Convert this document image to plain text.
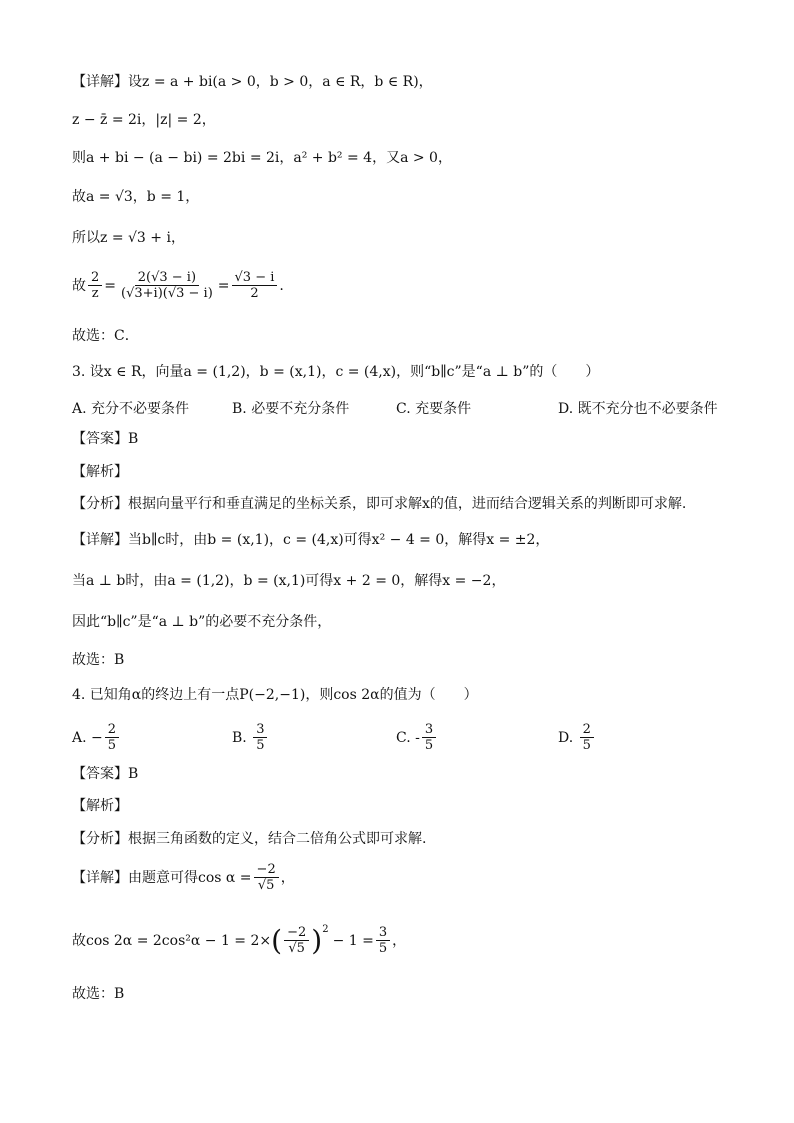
【详解】设z = a + bi(a > 0，b > 0，a ∈ R，b ∈ R)，
z − z̄ = 2i，|z| = 2，
则a + bi − (a − bi) = 2bi = 2i，a² + b² = 4，又a > 0，
故a = √3，b = 1，
所以z = √3 + i，
故 $\frac{2}{z} = \frac{2(√3 - i)}{(√3+i)(√3 - i)} = \frac{√3 - i}{2}$ .
故选：C．
3. 设x ∈ R，向量a = (1,2)，b = (x,1)，c = (4,x)，则“b∥c”是“a ⊥ b”的（　　）
A. 充分不必要条件	B. 必要不充分条件	C. 充要条件	D. 既不充分也不必要条件
【答案】B
【解析】
【分析】根据向量平行和垂直满足的坐标关系，即可求解x的值，进而结合逻辑关系的判断即可求解.
【详解】当b∥c时，由b = (x,1)，c = (4,x)可得x² − 4 = 0，解得x = ±2，
当a ⊥ b时，由a = (1,2)，b = (x,1)可得x + 2 = 0，解得x = −2，
因此“b∥c”是“a ⊥ b”的必要不充分条件，
故选：B
4. 已知角α的终边上有一点P(−2,−1)，则cos 2α的值为（　　）
A.
− $\frac{2}{5}$	B.
$\frac{3}{5}$	C.
- $\frac{3}{5}$	D.
$\frac{2}{5}$
【答案】B
【解析】
【分析】根据三角函数的定义，结合二倍角公式即可求解.
【详解】 由题意可得$\cos \alpha = \frac{-2}{√5}$ ，
故cos 2α = 2cos²α − 1 = 2× ( $\frac{-2}{√5}$ ) 2
− $1 = \frac{3}{5}$ ，
故选：B
